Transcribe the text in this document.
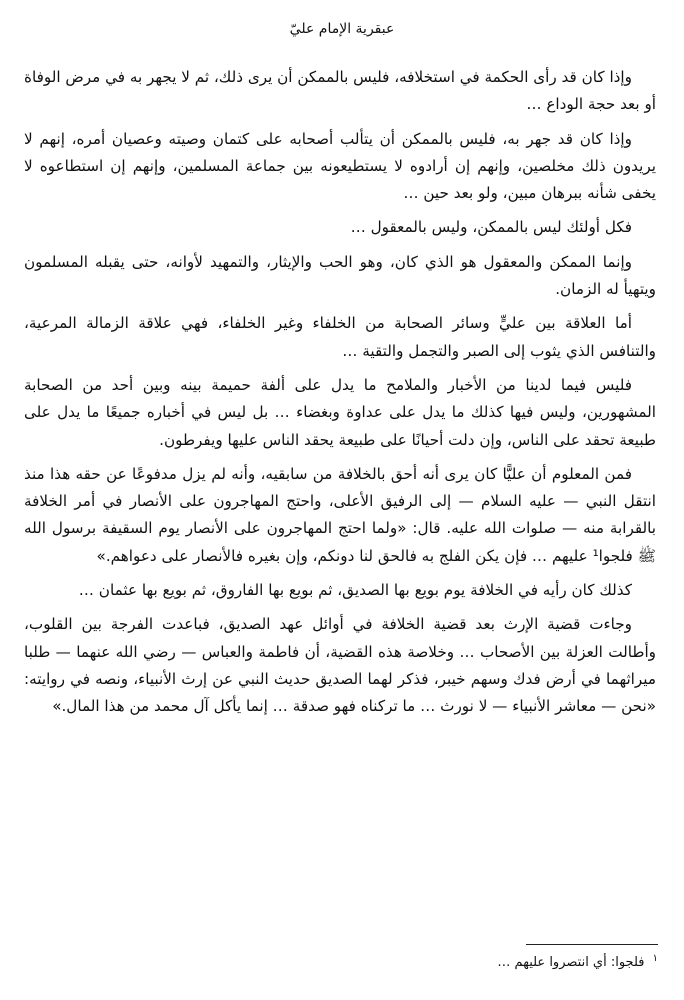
عبقرية الإمام عليّ

وإذا كان قد رأى الحكمة في استخلافه، فليس بالممكن أن يرى ذلك، ثم لا يجهر به في مرض الوفاة أو بعد حجة الوداع …

وإذا كان قد جهر به، فليس بالممكن أن يتألب أصحابه على كتمان وصيته وعصيان أمره، إنهم لا يريدون ذلك مخلصين، وإنهم إن أرادوه لا يستطيعونه بين جماعة المسلمين، وإنهم إن استطاعوه لا يخفى شأنه ببرهان مبين، ولو بعد حين …

فكل أولئك ليس بالممكن، وليس بالمعقول …

وإنما الممكن والمعقول هو الذي كان، وهو الحب والإيثار، والتمهيد لأوانه، حتى يقبله المسلمون ويتهيأ له الزمان.

أما العلاقة بين عليٍّ وسائر الصحابة من الخلفاء وغير الخلفاء، فهي علاقة الزمالة المرعية، والتنافس الذي يثوب إلى الصبر والتجمل والتقية …

فليس فيما لدينا من الأخبار والملامح ما يدل على ألفة حميمة بينه وبين أحد من الصحابة المشهورين، وليس فيها كذلك ما يدل على عداوة وبغضاء … بل ليس في أخباره جميعًا ما يدل على طبيعة تحقد على الناس، وإن دلت أحيانًا على طبيعة يحقد الناس عليها ويفرطون.

فمن المعلوم أن عليًّا كان يرى أنه أحق بالخلافة من سابقيه، وأنه لم يزل مدفوعًا عن حقه هذا منذ انتقل النبي — عليه السلام — إلى الرفيق الأعلى، واحتج المهاجرون على الأنصار في أمر الخلافة بالقرابة منه — صلوات الله عليه. قال: «ولما احتج المهاجرون على الأنصار يوم السقيفة برسول الله ﷺ فلجوا¹ عليهم … فإن يكن الفلج به فالحق لنا دونكم، وإن بغيره فالأنصار على دعواهم.»

كذلك كان رأيه في الخلافة يوم بويع بها الصديق، ثم بويع بها الفاروق، ثم بويع بها عثمان …

وجاءت قضية الإرث بعد قضية الخلافة في أوائل عهد الصديق، فباعدت الفرجة بين القلوب، وأطالت العزلة بين الأصحاب … وخلاصة هذه القضية، أن فاطمة والعباس — رضي الله عنهما — طلبا ميراثهما في أرض فدك وسهم خيبر، فذكر لهما الصديق حديث النبي عن إرث الأنبياء، ونصه في روايته: «نحن — معاشر الأنبياء — لا نورث … ما تركناه فهو صدقة … إنما يأكل آل محمد من هذا المال.»

$^١$ فلجوا: أي انتصروا عليهم …
